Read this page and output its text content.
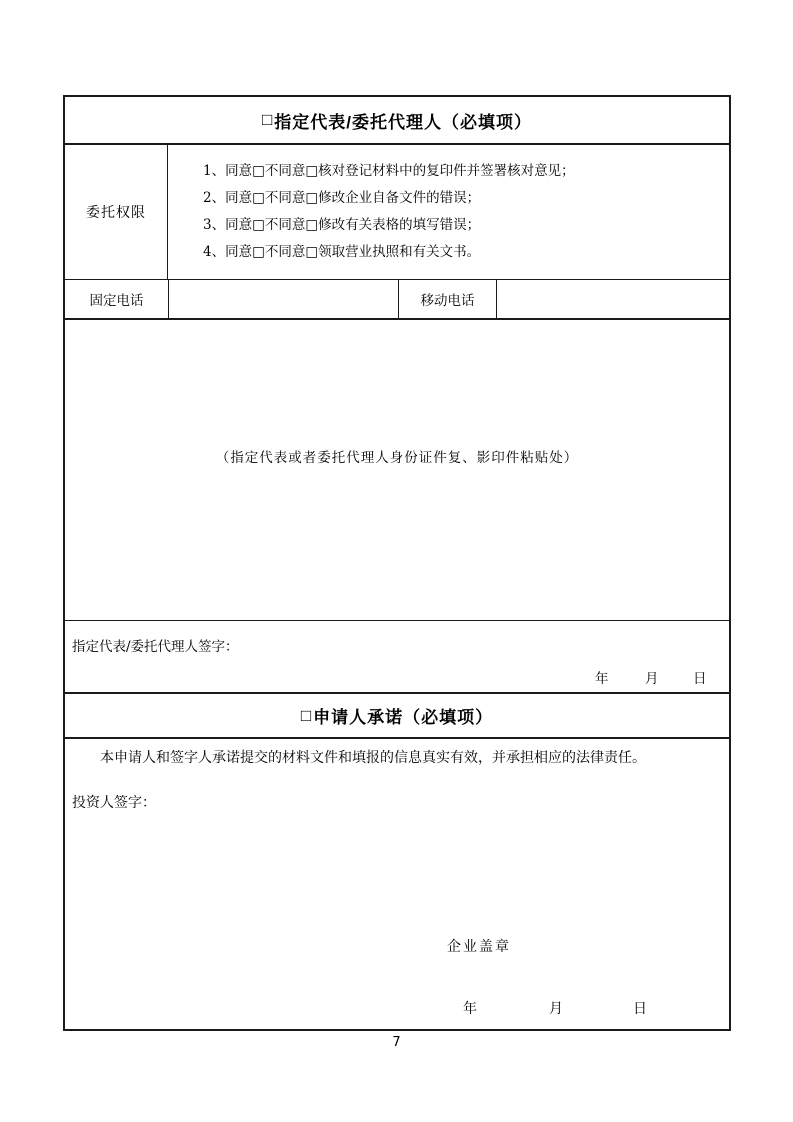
□ 指定代表/委托代理人（必填项）
委托权限
1、同意□不同意□核对登记材料中的复印件并签署核对意见；
2、同意□不同意□修改企业自备文件的错误；
3、同意□不同意□修改有关表格的填写错误；
4、同意□不同意□领取营业执照和有关文书。
固定电话	移动电话
（指定代表或者委托代理人身份证件复、影印件粘贴处）
指定代表/委托代理人签字：
年	月	日
□ 申请人承诺（必填项）

本申请人和签字人承诺提交的材料文件和填报的信息真实有效，并承担相应的法律责任。

投资人签字：
企业盖章
年	月	日
7
